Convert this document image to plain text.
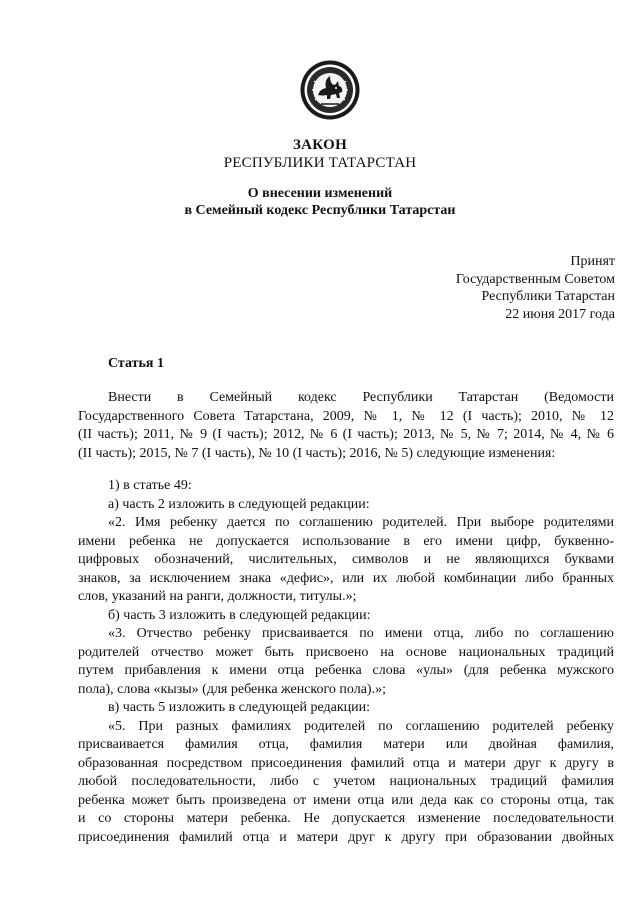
ЗАКОН
РЕСПУБЛИКИ ТАТАРСТАН
О внесении изменений
в Семейный кодекс Республики Татарстан
Принят
Государственным Советом
Республики Татарстан
22 июня 2017 года
Статья 1

Внести в Семейный кодекс Республики Татарстан (Ведомости

Государственного Совета Татарстана, 2009, № 1, № 12 (I часть); 2010, № 12

(II часть); 2011, № 9 (I часть); 2012, № 6 (I часть); 2013, № 5, № 7; 2014, № 4, № 6

(II часть); 2015, № 7 (I часть), № 10 (I часть); 2016, № 5) следующие изменения:

1) в статье 49:

а) часть 2 изложить в следующей редакции:

«2. Имя ребенку дается по соглашению родителей. При выборе родителями

имени ребенка не допускается использование в его имени цифр, буквенно-

цифровых обозначений, числительных, символов и не являющихся буквами

знаков, за исключением знака «дефис», или их любой комбинации либо бранных

слов, указаний на ранги, должности, титулы.»;

б) часть 3 изложить в следующей редакции:

«3. Отчество ребенку присваивается по имени отца, либо по соглашению

родителей отчество может быть присвоено на основе национальных традиций

путем прибавления к имени отца ребенка слова «улы» (для ребенка мужского

пола), слова «кызы» (для ребенка женского пола).»;

в) часть 5 изложить в следующей редакции:

«5. При разных фамилиях родителей по соглашению родителей ребенку

присваивается фамилия отца, фамилия матери или двойная фамилия,

образованная посредством присоединения фамилий отца и матери друг к другу в

любой последовательности, либо с учетом национальных традиций фамилия

ребенка может быть произведена от имени отца или деда как со стороны отца, так

и со стороны матери ребенка. Не допускается изменение последовательности

присоединения фамилий отца и матери друг к другу при образовании двойных
